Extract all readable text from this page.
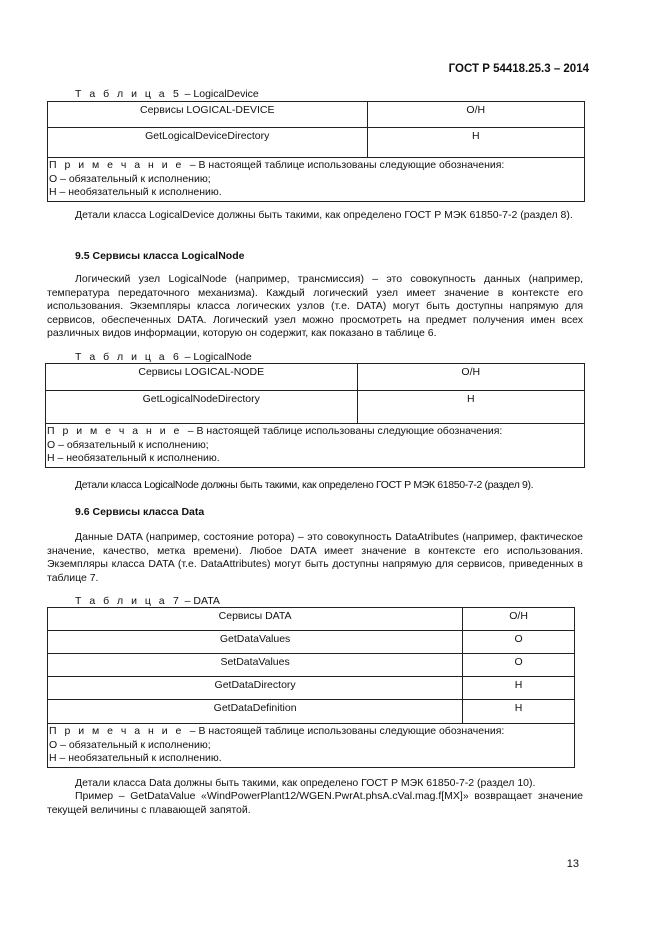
ГОСТ Р 54418.25.3 – 2014
Т а б л и ц а  5  – LogicalDevice
Сервисы LOGICAL-DEVICE	O/H
GetLogicalDeviceDirectory	H
П р и м е ч а н и е  – В настоящей таблице использованы следующие обозначения:
О – обязательный к исполнению;
Н – необязательный к исполнению.	
Детали класса LogicalDevice должны быть такими, как определено ГОСТ Р МЭК 61850-7-2 (раздел 8).
9.5 Сервисы класса LogicalNode
Логический узел LogicalNode (например, трансмиссия) – это совокупность данных (например, температура передаточного механизма). Каждый логический узел имеет значение в контексте его использования. Экземпляры класса логических узлов (т.е. DATA) могут быть доступны напрямую для сервисов, обеспеченных DATA. Логический узел можно просмотреть на предмет получения имен всех различных видов информации, которую он содержит, как показано в таблице 6.
Т а б л и ц а  6  – LogicalNode
Сервисы LOGICAL-NODE	O/H
GetLogicalNodeDirectory	H
П р и м е ч а н и е  – В настоящей таблице использованы следующие обозначения:
О – обязательный к исполнению;
Н – необязательный к исполнению.	
Детали класса LogicalNode должны быть такими, как определено ГОСТ Р МЭК 61850-7-2 (раздел 9).
9.6 Сервисы класса Data
Данные DATA (например, состояние ротора) – это совокупность DataAtributes (например, фактическое значение, качество, метка времени). Любое DATA имеет значение в контексте его использования. Экземпляры класса DATA (т.е. DataAttributes) могут быть доступны напрямую для сервисов, приведенных в таблице 7.
Т а б л и ц а  7  – DATA
Сервисы DATA	O/H
GetDataValues	О
SetDataValues	О
GetDataDirectory	Н
GetDataDefinition	Н
П р и м е ч а н и е  – В настоящей таблице использованы следующие обозначения:
О – обязательный к исполнению;
Н – необязательный к исполнению.	
Детали класса Data должны быть такими, как определено ГОСТ Р МЭК 61850-7-2 (раздел 10).
Пример – GetDataValue «WindPowerPlant12/WGEN.PwrAt.phsA.cVal.mag.f[MX]» возвращает значение текущей величины с плавающей запятой.
13
